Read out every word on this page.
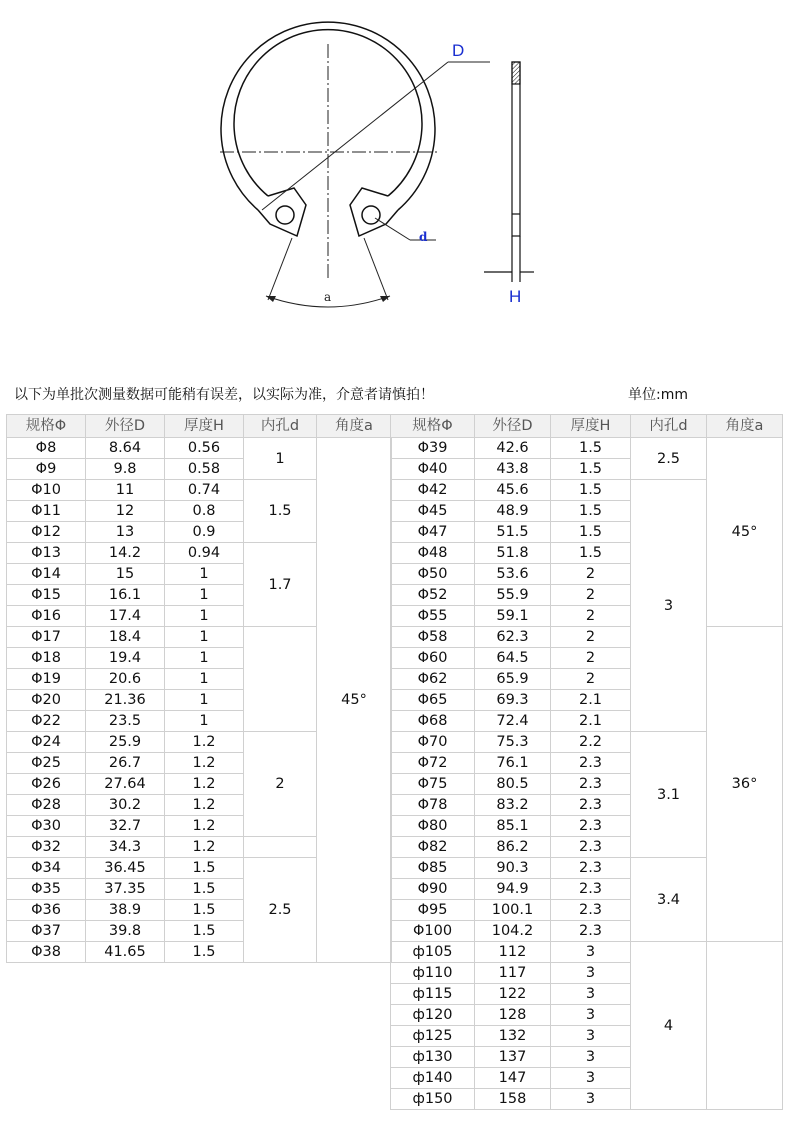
D
d
a	H
以下为单批次测量数据可能稍有误差，以实际为准，介意者请慎拍！	单位:mm
规格Φ	外径D	厚度H	内孔d	角度a
Φ8	8.64	0.56	1	45°
Φ9	9.8	0.58		
Φ10	11	0.74	1.5	
Φ11	12	0.8		
Φ12	13	0.9		
Φ13	14.2	0.94	1.7	
Φ14	15	1		
Φ15	16.1	1		
Φ16	17.4	1		
Φ17	18.4	1		
Φ18	19.4	1		
Φ19	20.6	1		
Φ20	21.36	1		
Φ22	23.5	1		
Φ24	25.9	1.2	2	
Φ25	26.7	1.2		
Φ26	27.64	1.2		
Φ28	30.2	1.2		
Φ30	32.7	1.2		
Φ32	34.3	1.2		
Φ34	36.45	1.5	2.5	
Φ35	37.35	1.5		
Φ36	38.9	1.5		
Φ37	39.8	1.5		
Φ38	41.65	1.5		
规格Φ	外径D	厚度H	内孔d	角度a
Φ39	42.6	1.5	2.5	45°
Φ40	43.8	1.5		
Φ42	45.6	1.5	3	
Φ45	48.9	1.5		
Φ47	51.5	1.5		
Φ48	51.8	1.5		
Φ50	53.6	2		
Φ52	55.9	2		
Φ55	59.1	2		
Φ58	62.3	2		36°
Φ60	64.5	2		
Φ62	65.9	2		
Φ65	69.3	2.1		
Φ68	72.4	2.1		
Φ70	75.3	2.2	3.1	
Φ72	76.1	2.3		
Φ75	80.5	2.3		
Φ78	83.2	2.3		
Φ80	85.1	2.3		
Φ82	86.2	2.3		
Φ85	90.3	2.3	3.4	
Φ90	94.9	2.3		
Φ95	100.1	2.3		
Φ100	104.2	2.3		
ф105	112	3	4	
ф110	117	3		
ф115	122	3		
ф120	128	3		
ф125	132	3		
ф130	137	3		
ф140	147	3		
ф150	158	3		
